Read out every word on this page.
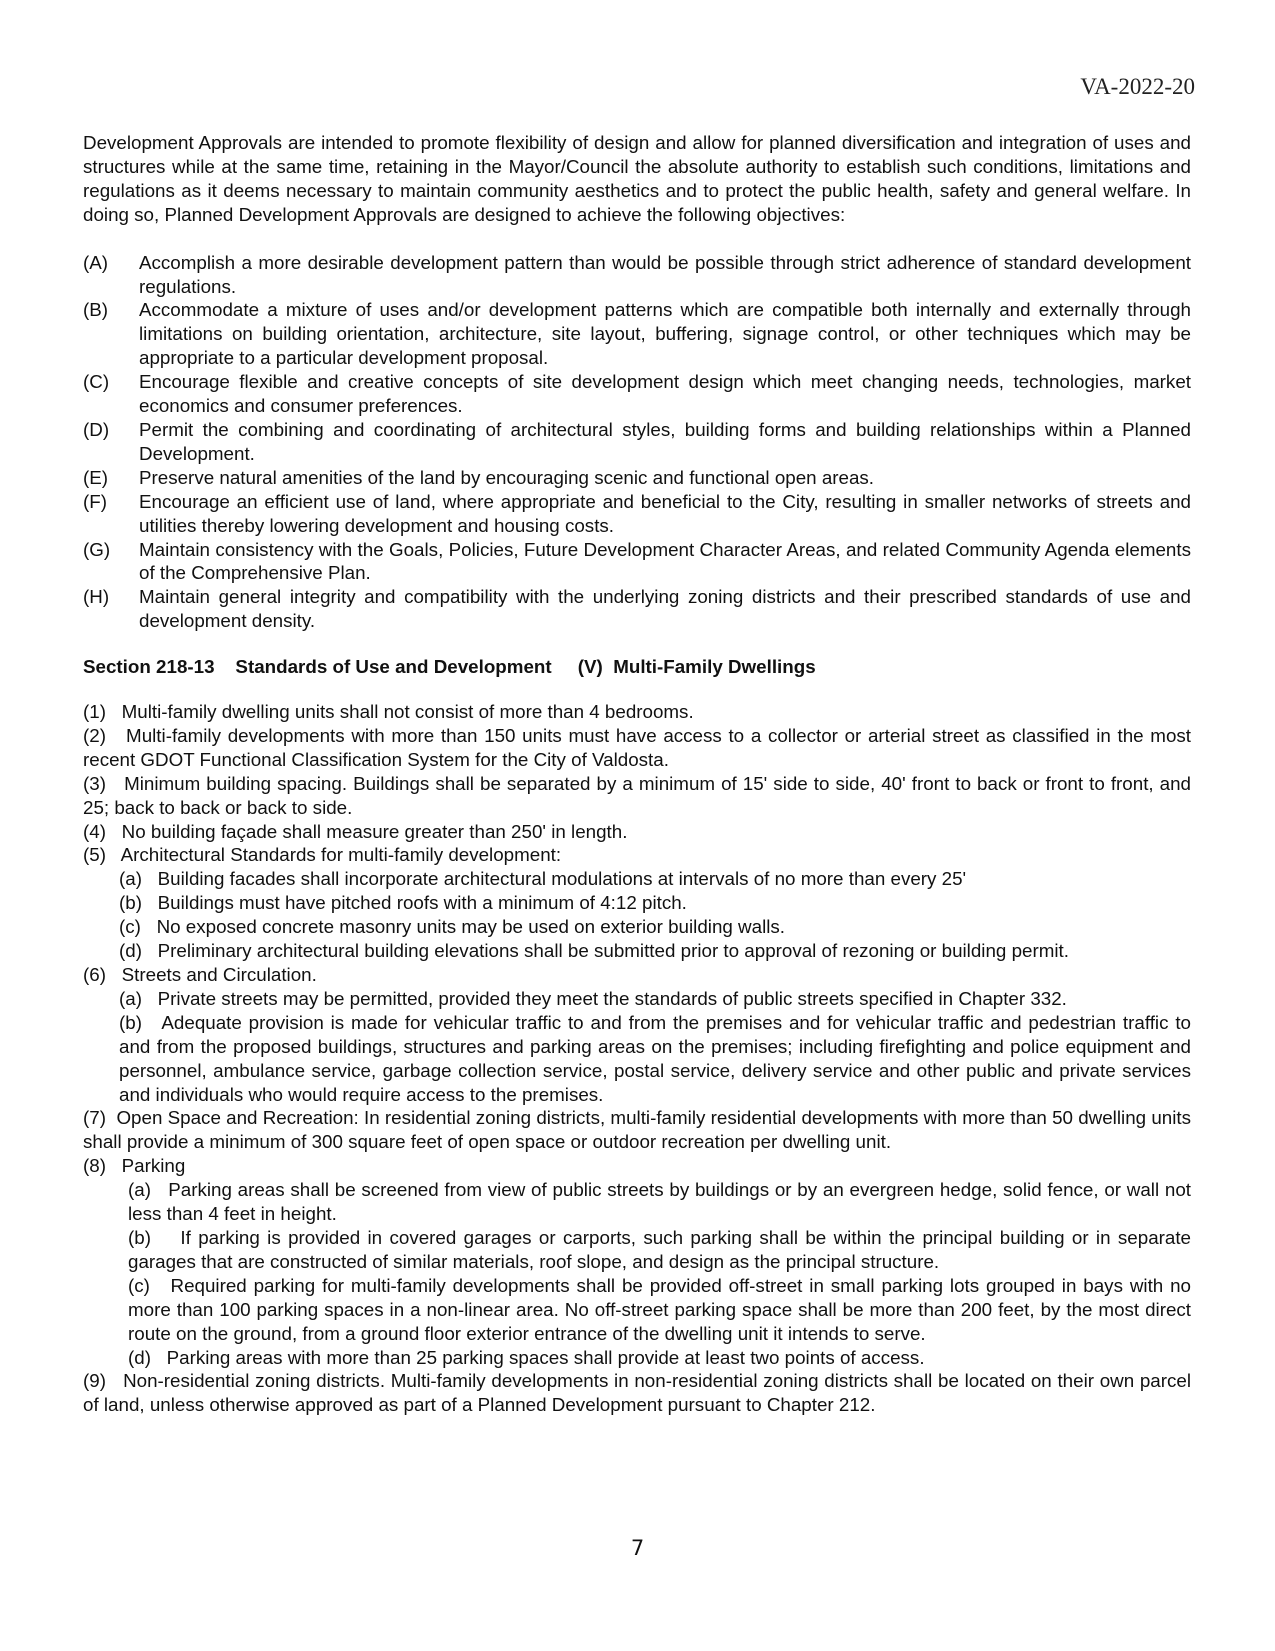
VA-2022-20

Development Approvals are intended to promote flexibility of design and allow for planned diversification and integration of uses and structures while at the same time, retaining in the Mayor/Council the absolute authority to establish such conditions, limitations and regulations as it deems necessary to maintain community aesthetics and to protect the public health, safety and general welfare. In doing so, Planned Development Approvals are designed to achieve the following objectives:

(A)	Accomplish a more desirable development pattern than would be possible through strict adherence of standard development regulations.
(B)	Accommodate a mixture of uses and/or development patterns which are compatible both internally and externally through limitations on building orientation, architecture, site layout, buffering, signage control, or other techniques which may be appropriate to a particular development proposal.
(C)	Encourage flexible and creative concepts of site development design which meet changing needs, technologies, market economics and consumer preferences.
(D)	Permit the combining and coordinating of architectural styles, building forms and building relationships within a Planned Development.
(E)	Preserve natural amenities of the land by encouraging scenic and functional open areas.
(F)	Encourage an efficient use of land, where appropriate and beneficial to the City, resulting in smaller networks of streets and utilities thereby lowering development and housing costs.
(G)	Maintain consistency with the Goals, Policies, Future Development Character Areas, and related Community Agenda elements of the Comprehensive Plan.
(H)	Maintain general integrity and compatibility with the underlying zoning districts and their prescribed standards of use and development density.
Section 218-13 Standards of Use and Development (V)  Multi-Family Dwellings

(1) Multi-family dwelling units shall not consist of more than 4 bedrooms.

(2) Multi-family developments with more than 150 units must have access to a collector or arterial street as classified in the most recent GDOT Functional Classification System for the City of Valdosta.

(3) Minimum building spacing. Buildings shall be separated by a minimum of 15' side to side, 40' front to back or front to front, and 25; back to back or back to side.

(4) No building façade shall measure greater than 250' in length.

(5) Architectural Standards for multi-family development:

(a) Building facades shall incorporate architectural modulations at intervals of no more than every 25'

(b) Buildings must have pitched roofs with a minimum of 4:12 pitch.

(c) No exposed concrete masonry units may be used on exterior building walls.

(d) Preliminary architectural building elevations shall be submitted prior to approval of rezoning or building permit.

(6) Streets and Circulation.

(a) Private streets may be permitted, provided they meet the standards of public streets specified in Chapter 332.

(b) Adequate provision is made for vehicular traffic to and from the premises and for vehicular traffic and pedestrian traffic to and from the proposed buildings, structures and parking areas on the premises; including firefighting and police equipment and personnel, ambulance service, garbage collection service, postal service, delivery service and other public and private services and individuals who would require access to the premises.

(7) Open Space and Recreation: In residential zoning districts, multi-family residential developments with more than 50 dwelling units shall provide a minimum of 300 square feet of open space or outdoor recreation per dwelling unit.

(8) Parking

(a) Parking areas shall be screened from view of public streets by buildings or by an evergreen hedge, solid fence, or wall not less than 4 feet in height.

(b) If parking is provided in covered garages or carports, such parking shall be within the principal building or in separate garages that are constructed of similar materials, roof slope, and design as the principal structure.

(c) Required parking for multi-family developments shall be provided off-street in small parking lots grouped in bays with no more than 100 parking spaces in a non-linear area. No off-street parking space shall be more than 200 feet, by the most direct route on the ground, from a ground floor exterior entrance of the dwelling unit it intends to serve.

(d) Parking areas with more than 25 parking spaces shall provide at least two points of access.

(9) Non-residential zoning districts. Multi-family developments in non-residential zoning districts shall be located on their own parcel of land, unless otherwise approved as part of a Planned Development pursuant to Chapter 212.

7
